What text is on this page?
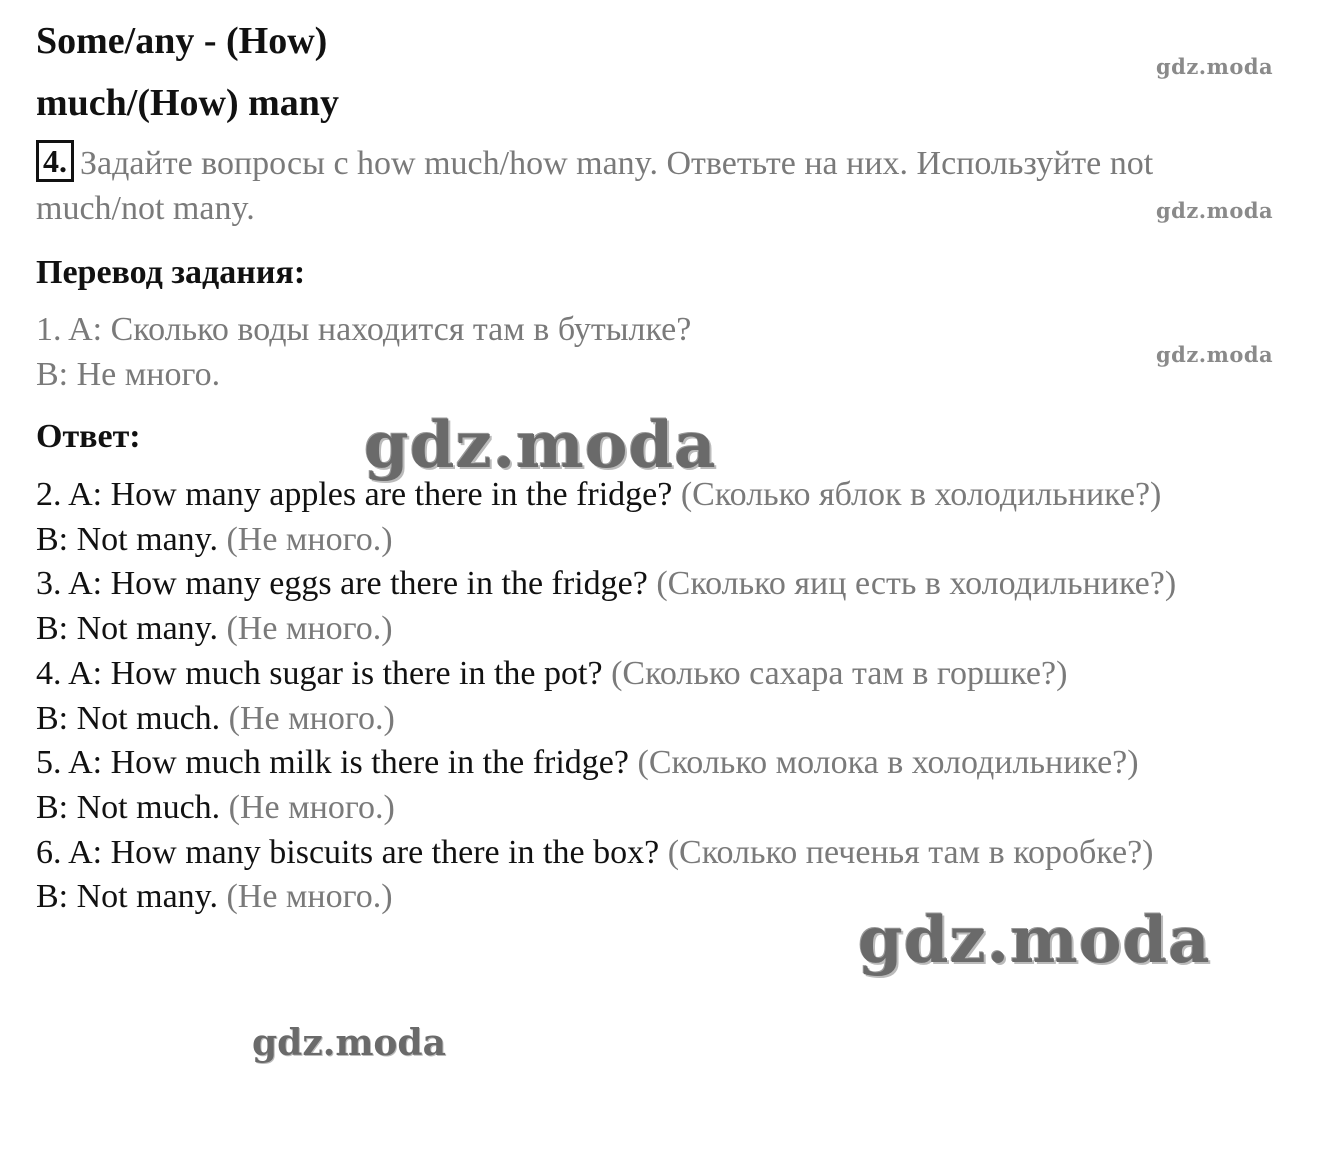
Some/any - (How)
much/(How) many
4. Задайте вопросы с how much/how many. Ответьте на них. Используйте not much/not many.
Перевод задания:
1. A: Сколько воды находится там в бутылке?
B: Не много.
Ответ:
2. A: How many apples are there in the fridge? (Сколько яблок в холодильнике?)
B: Not many. (Не много.)
3. A: How many eggs are there in the fridge? (Сколько яиц есть в холодильнике?)
B: Not many. (Не много.)
4. A: How much sugar is there in the pot? (Сколько сахара там в горшке?)
B: Not much. (Не много.)
5. A: How much milk is there in the fridge? (Сколько молока в холодильнике?)
B: Not much. (Не много.)
6. A: How many biscuits are there in the box? (Сколько печенья там в коробке?)
B: Not many. (Не много.)
gdz.moda
gdz.moda
gdz.moda
gdz.moda
gdz.moda
gdz.moda
